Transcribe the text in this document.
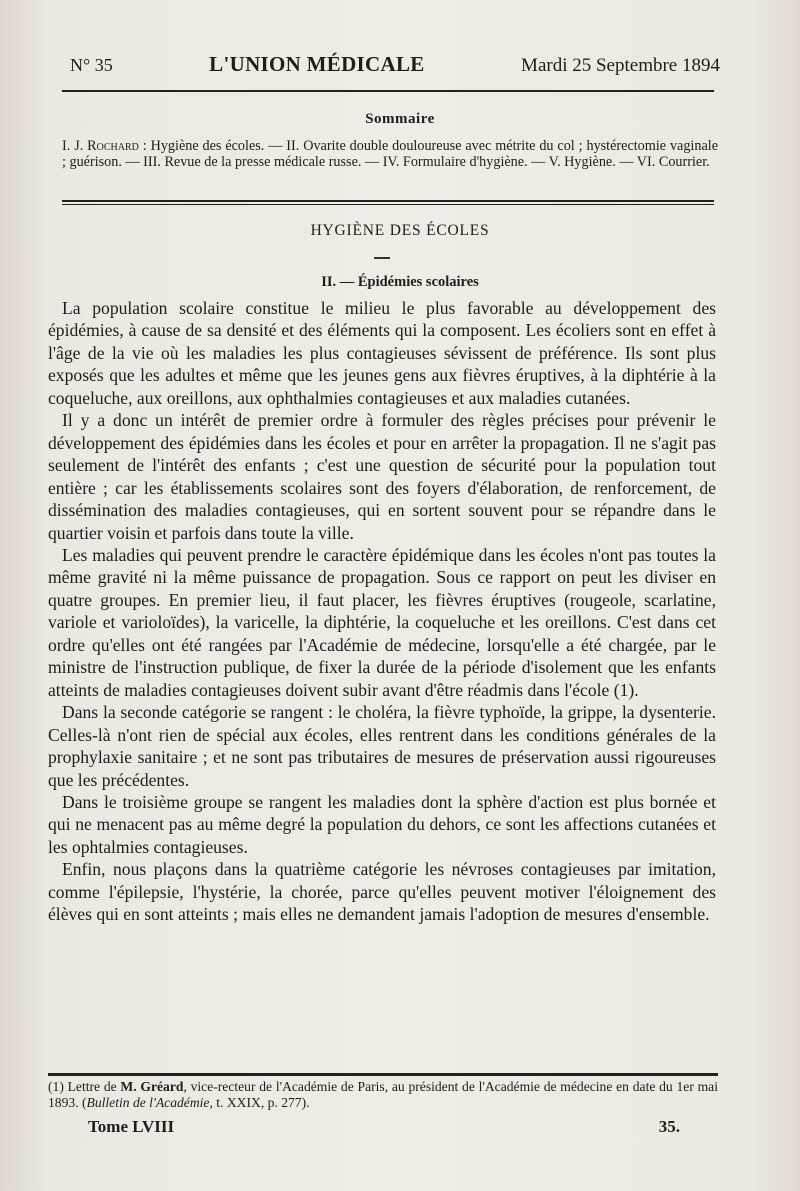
N° 35	L'UNION MÉDICALE	Mardi 25 Septembre 1894
Sommaire
I. J. Rochard : Hygiène des écoles. — II. Ovarite double douloureuse avec métrite du col ; hystérectomie vaginale ; guérison. — III. Revue de la presse médicale russe. — IV. Formulaire d'hygiène. — V. Hygiène. — VI. Courrier.
HYGIÈNE DES ÉCOLES
II. — Épidémies scolaires

La population scolaire constitue le milieu le plus favorable au développement des épidémies, à cause de sa densité et des éléments qui la composent. Les écoliers sont en effet à l'âge de la vie où les maladies les plus contagieuses sévissent de préférence. Ils sont plus exposés que les adultes et même que les jeunes gens aux fièvres éruptives, à la diphtérie à la coqueluche, aux oreillons, aux ophthalmies contagieuses et aux maladies cutanées.

Il y a donc un intérêt de premier ordre à formuler des règles précises pour prévenir le développement des épidémies dans les écoles et pour en arrêter la propagation. Il ne s'agit pas seulement de l'intérêt des enfants ; c'est une question de sécurité pour la population tout entière ; car les établissements scolaires sont des foyers d'élaboration, de renforcement, de dissémination des maladies contagieuses, qui en sortent souvent pour se répandre dans le quartier voisin et parfois dans toute la ville.

Les maladies qui peuvent prendre le caractère épidémique dans les écoles n'ont pas toutes la même gravité ni la même puissance de propagation. Sous ce rapport on peut les diviser en quatre groupes. En premier lieu, il faut placer, les fièvres éruptives (rougeole, scarlatine, variole et varioloïdes), la varicelle, la diphtérie, la coqueluche et les oreillons. C'est dans cet ordre qu'elles ont été rangées par l'Académie de médecine, lorsqu'elle a été chargée, par le ministre de l'instruction publique, de fixer la durée de la période d'isolement que les enfants atteints de maladies contagieuses doivent subir avant d'être réadmis dans l'école (1).

Dans la seconde catégorie se rangent : le choléra, la fièvre typhoïde, la grippe, la dysenterie. Celles-là n'ont rien de spécial aux écoles, elles rentrent dans les conditions générales de la prophylaxie sanitaire ; et ne sont pas tributaires de mesures de préservation aussi rigoureuses que les précédentes.

Dans le troisième groupe se rangent les maladies dont la sphère d'action est plus bornée et qui ne menacent pas au même degré la population du dehors, ce sont les affections cutanées et les ophtalmies contagieuses.

Enfin, nous plaçons dans la quatrième catégorie les névroses contagieuses par imitation, comme l'épilepsie, l'hystérie, la chorée, parce qu'elles peuvent motiver l'éloignement des élèves qui en sont atteints ; mais elles ne demandent jamais l'adoption de mesures d'ensemble.

(1) Lettre de M. Gréard, vice-recteur de l'Académie de Paris, au président de l'Académie de médecine en date du 1er mai 1893. (Bulletin de l'Académie, t. XXIX, p. 277).
Tome LVIII	35.
